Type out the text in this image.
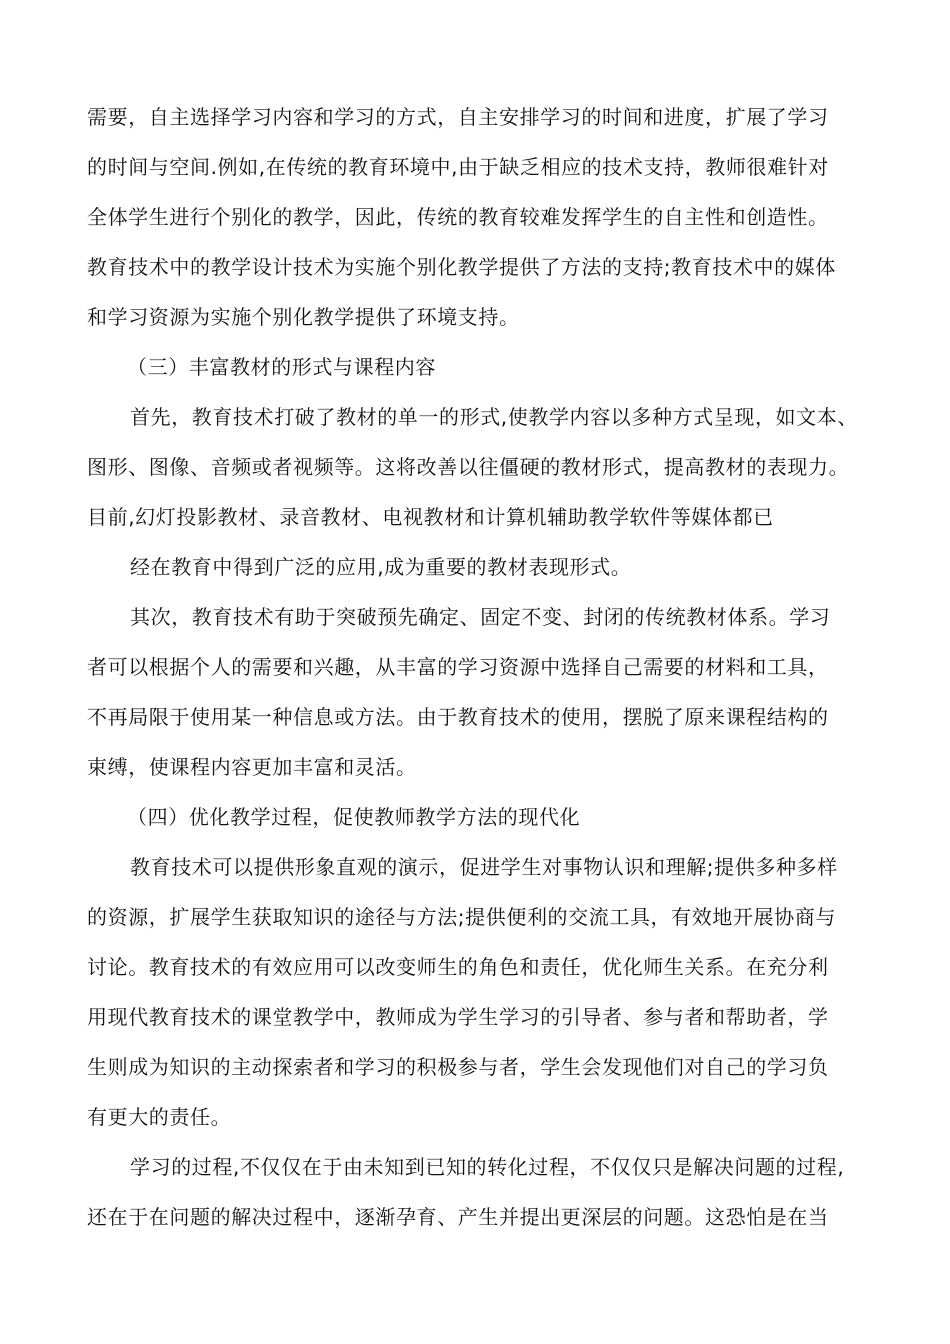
需要，自主选择学习内容和学习的方式，自主安排学习的时间和进度，扩展了学习
的时间与空间.例如,在传统的教育环境中,由于缺乏相应的技术支持，教师很难针对
全体学生进行个别化的教学，因此，传统的教育较难发挥学生的自主性和创造性。
教育技术中的教学设计技术为实施个别化教学提供了方法的支持;教育技术中的媒体
和学习资源为实施个别化教学提供了环境支持。
（三）丰富教材的形式与课程内容
首先，教育技术打破了教材的单一的形式,使教学内容以多种方式呈现，如文本、
图形、图像、音频或者视频等。这将改善以往僵硬的教材形式，提高教材的表现力。
目前,幻灯投影教材、录音教材、电视教材和计算机辅助教学软件等媒体都已
经在教育中得到广泛的应用,成为重要的教材表现形式。
其次，教育技术有助于突破预先确定、固定不变、封闭的传统教材体系。学习
者可以根据个人的需要和兴趣，从丰富的学习资源中选择自己需要的材料和工具，
不再局限于使用某一种信息或方法。由于教育技术的使用，摆脱了原来课程结构的
束缚，使课程内容更加丰富和灵活。
（四）优化教学过程，促使教师教学方法的现代化
教育技术可以提供形象直观的演示，促进学生对事物认识和理解;提供多种多样
的资源，扩展学生获取知识的途径与方法;提供便利的交流工具，有效地开展协商与
讨论。教育技术的有效应用可以改变师生的角色和责任，优化师生关系。在充分利
用现代教育技术的课堂教学中，教师成为学生学习的引导者、参与者和帮助者，学
生则成为知识的主动探索者和学习的积极参与者，学生会发现他们对自己的学习负
有更大的责任。
学习的过程,不仅仅在于由未知到已知的转化过程，不仅仅只是解决问题的过程,
还在于在问题的解决过程中，逐渐孕育、产生并提出更深层的问题。这恐怕是在当
